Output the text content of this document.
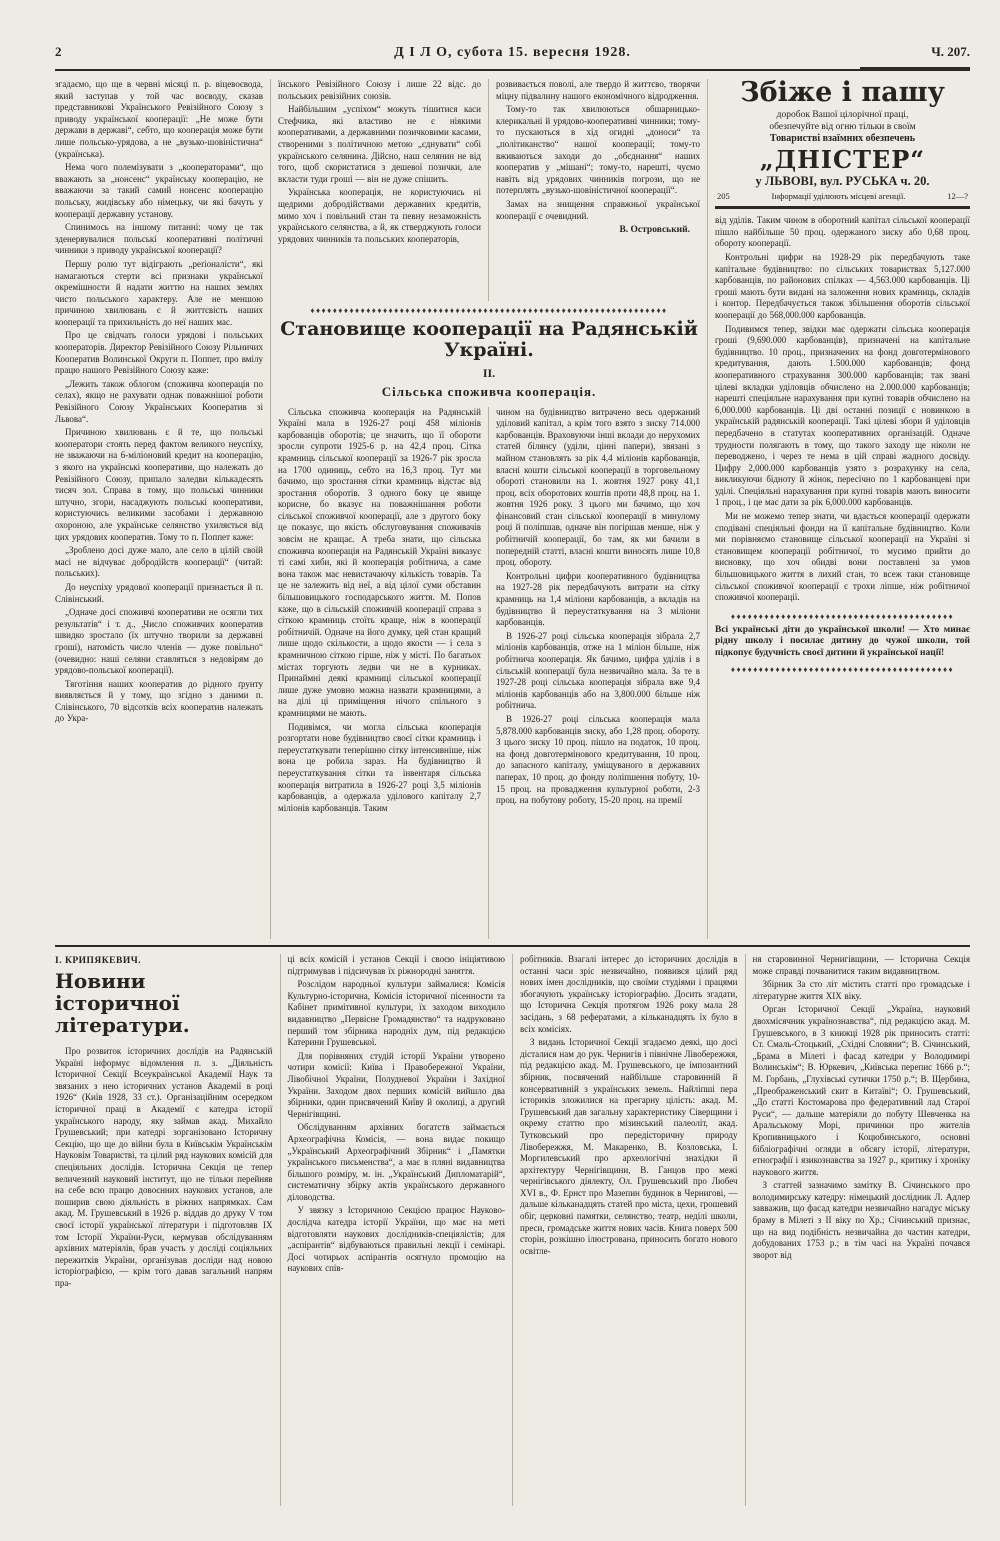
2	Д І Л О, субота 15. вересня 1928.	Ч. 207.

згадаємо, що ще в червні місяці п. р. віцевоєвода, який заступав у той час воєводу, сказав представникові Українського Ревізійного Союзу з приводу української кооперації: „Не може бути держави в державі“, себто, що кооперація може бути лише польсько-урядова, а не „вузько-шовіністична“ (українська).

Нема чого полемізувати з „кооператорами“, що вважають за „нонсенс“ українську кооперацію, не вважаючи за такий самий нонсенс кооперацію польську, жидівську або німецьку, чи які бачуть у кооперації державну установу.

Спинимось на іншому питанні: чому це так зденервувалися польські кооперативні політичні чинники з приводу української кооперації?

Першу ролю тут відіграють „реґіоналісти“, які намагаються стерти всі признаки української окремішности й надати життю на наших землях чисто польського характеру. Але не меншою причиною хвилювань є й життєвість наших кооперації та прихильність до неї наших мас.

Про це свідчать голоси урядові і польських кооператорів. Директор Ревізійного Союзу Рільничих Кооператив Волинської Округи п. Поппет, про вмілу працю нашого Ревізійного Союзу каже:

„Лежить також облогом (споживча кооперація по селах), якщо не рахувати однак поважнішої роботи Ревізійного Союзу Українських Кооператив зі Львова“.

Причиною хвилювань є й те, що польські кооператори стоять перед фактом великого неуспіху, не зважаючи на 6-міліоновий кредит на кооперацію, з якого на українські кооперативи, що належать до Ревізійного Союзу, припало заледви кількадесять тисяч зол. Справа в тому, що польські чинники штучно, згори, насаджують польські кооперативи, користуючись великими засобами і державною охороною, але українське селянство ухиляється від цих урядових кооператив. Тому то п. Поппет каже:

„Зроблено досі дуже мало, але село в цілій своїй масі не відчуває добродійств кооперації“ (читай: польських).

До неуспіху урядової кооперації признається й п. Слівінський.

„Одначе досі споживчі кооперативи не осягли тих результатів“ і т. д., „Число споживчих кооператив швидко зростало (їх штучно творили за державні гроші), натомість число членів — дуже повільно“ (очевидно: наші селяни ставляться з недовірям до урядово-польської кооперації).

Тяготіння наших кооператив до рідного ґрунту виявляється й у тому, що згідно з даними п. Слівінського, 70 відсотків всіх кооператив належать до Укра-

їнського Ревізійного Союзу і лише 22 відс. до польських ревізійних союзів.

Найбільшим „успіхом“ можуть тішитися каси Стефчика, які властиво не є ніякими кооперативами, а державними позичковими касами, створеними з політичною метою „єднувати“ собі українського селянина. Дійсно, наш селянин не від того, щоб скористатися з дешевої позички, але вкласти туди гроші — він не дуже спішить.

Українська кооперація, не користуючись ні щедрими добродійствами державних кредитів, мимо хоч і повільний стан та певну незаможність українського селянства, а й, як стверджують голоси урядових чинників та польських кооператорів,

розвивається поволі, але твердо й життєво, творячи міцну підвалину нашого економічного відродження.

Тому-то так хвилюються обшарницько-клерикальні й урядово-кооперативні чинники; тому-то пускаються в хід огидні „доноси“ та „політиканство“ нашої кооперації; тому-то вживаються заходи до „обєднання“ наших кооператив у „мішані“; тому-то, нарешті, чуємо навіть від урядових чинників погрози, що не потерплять „вузько-шовіністичної кооперації“.

Замах на знищення справжньої української кооперації є очевидний.

В. Островський.
♦♦♦♦♦♦♦♦♦♦♦♦♦♦♦♦♦♦♦♦♦♦♦♦♦♦♦♦♦♦♦♦♦♦♦♦♦♦♦♦♦♦♦♦♦♦♦♦♦♦♦♦♦♦♦♦♦♦♦♦♦♦♦♦
Становище кооперації на Радянській Україні.
II.
Сільська споживча кооперація.

Сільська споживча кооперація на Радянській Україні мала в 1926-27 році 458 міліонів карбованців оборотів; це значить, що її обороти зросли супроти 1925-6 р. на 42,4 проц. Сітка крамниць сільської кооперації за 1926-7 рік зросла на 1700 одиниць, себто на 16,3 проц. Тут ми бачимо, що зростання сітки крамниць відстає від зростання оборотів. З одного боку це явище корисне, бо вказує на поважнішання роботи сільської споживчої кооперації, але з другого боку це показує, що якість обслуговування споживачів зовсім не кращає. А треба знати, що сільська споживча кооперація на Радянській Україні виказує ті самі хиби, які й кооперація робітнича, а саме вона також має невистачаючу кількість товарів. Та це не залежить від неї, а від цілої суми обставин більшовицького господарського життя. М. Попов каже, що в сільській споживчій кооперації справа з сіткою крамниць стоїть краще, ніж в кооперації робітничій. Одначе на його думку, цей стан кращий лише щодо скількости, а щодо якости — і села з крамничною сіткою гірше, ніж у місті. По багатьох містах торгують ледви чи не в курниках. Принаймні деякі крамниці сільської кооперації лише дуже умовно можна назвати крамницями, а на ділі ці приміщення нічого спільного з крамницями не мають.

Подивімся, чи могла сільська кооперація розгортати нове будівництво своєї сітки крамниць і переустаткувати теперішню сітку інтенсивніше, ніж вона це робила зараз. На будівництво й переустаткування сітки та інвентаря сільська кооперація витратила в 1926-27 році 3,5 міліонів карбованців, а одержала уділового капіталу 2,7 міліонів карбованців. Таким

чином на будівництво витрачено весь одержаний уділовий капітал, а крім того взято з зиску 714.000 карбованців. Враховуючи інші вклади до нерухомих статей білянсу (уділи, цінні папери), звязані з майном становлять за рік 4,4 міліонів карбованців, власні кошти сільської кооперації в торговельному обороті становили на 1. жовтня 1927 року 41,1 проц. всіх оборотових коштів проти 48,8 проц. на 1. жовтня 1926 року. З цього ми бачимо, що хоч фінансовий стан сільської кооперації в минулому році й поліпшав, одначе він погіршав менше, ніж у робітничій кооперації, бо там, як ми бачили в попередній статті, власні кошти виносять лише 10,8 проц. обороту.

Контрольні цифри кооперативного будівництва на 1927-28 рік передбачують витрати на сітку крамниць на 1,4 міліони карбованців, а вкладів на будівництво й переустаткування на 3 міліони карбованців.

В 1926-27 році сільська кооперація зібрала 2,7 міліонів карбованців, отже на 1 міліон більше, ніж робітнича кооперація. Як бачимо, цифра уділів і в сільській кооперації була незвичайно мала. За те в 1927-28 році сільська кооперація зібрала вже 9,4 міліонів карбованців або на 3,800.000 більше ніж робітнича.

В 1926-27 році сільська кооперація мала 5,878.000 карбованців зиску, або 1,28 проц. обороту. З цього зиску 10 проц. пішло на податок, 10 проц. на фонд довготермінового кредитування, 10 проц. до запасного капіталу, уміщуваного в державних паперах, 10 проц. до фонду поліпшення побуту, 10-15 проц. на провадження культурної роботи, 2-3 проц. на побутову роботу, 15-20 проц. на премії

Збіже і пашу

доробок Вашої цілорічної праці,

обезпечуйте від огню тільки в своїм

Товаристві взаїмних обезпечень

„ДНІСТЕР“
у ЛЬВОВІ, вул. РУСЬКА ч. 20.
205	Інформації уділюють місцеві агенції.	12—?

від уділів. Таким чином в оборотний капітал сільської кооперації пішло найбільше 50 проц. одержаного зиску або 0,68 проц. обороту кооперації.

Контрольні цифри на 1928-29 рік передбачують таке капітальне будівництво: по сільських товариствах 5,127.000 карбованців, по районових спілках — 4,563.000 карбованців. Ці гроші мають бути видані на заложення нових крамниць, складів і контор. Передбачується також збільшення оборотів сільської кооперації до 568,000.000 карбованців.

Подивимся тепер, звідки має одержати сільська кооперація гроші (9,690.000 карбованців), призначені на капітальне будівництво. 10 проц., призначених на фонд довготермінового кредитування, дають 1.500.000 карбованців; фонд кооперативного страхування 300.000 карбованців; так звані цілеві вкладки уділовців обчислено на 2.000.000 карбованців; нарешті спеціяльне нарахування при купні товарів обчислено на 6,000.000 карбованців. Ці дві останні позиції є новинкою в українській радянській кооперації. Такі цілеві збори й уділовців передбачено в статутах кооперативних організацій. Одначе трудности полягають в тому, що такого заходу ще ніколи не переводжено, і через те нема в цій справі жадного досвіду. Цифру 2,000.000 карбованців узято з розрахунку на села, викликуючи бідноту й жінок, пересічно по 1 карбованцеві при уділі. Спеціяльні нарахування при купні товарів мають виносити 1 проц., і це має дати за рік 6,000.000 карбованців.

Ми не можемо тепер знати, чи вдасться кооперації одержати сподівані спеціяльні фонди на її капітальне будівництво. Коли ми порівняємо становище сільської кооперації на Україні зі становищем кооперації робітничої, то мусимо прийти до висновку, що хоч обидві вони поставлені за умов більшовицького життя в лихий стан, то всеж таки становище сільської споживчої кооперації є трохи ліпше, ніж робітничої споживчої кооперації.

♦♦♦♦♦♦♦♦♦♦♦♦♦♦♦♦♦♦♦♦♦♦♦♦♦♦♦♦♦♦♦♦♦♦♦♦♦♦♦♦

Всі українські діти до української школи! — Хто минає рідну школу і посилає дитину до чужої школи, той підкопує будучність своєї дитини й української нації!

♦♦♦♦♦♦♦♦♦♦♦♦♦♦♦♦♦♦♦♦♦♦♦♦♦♦♦♦♦♦♦♦♦♦♦♦♦♦♦♦
І. КРИПЯКЕВИЧ.
Новини історичної літератури.

Про розвиток історичних дослідів на Радянській Україні інформує відомлення п. з. „Діяльність Історичної Секції Всеукраїнської Академії Наук та звязаних з нею історичних установ Академії в році 1926“ (Київ 1928, 33 ст.). Організаційним осередком історичної праці в Академії є катедра історії українського народу, яку займав акад. Михайло Грушевський; при катедрі зорганізовано Історичну Секцію, що ще до війни була в Київськім Українськім Науковім Товаристві, та цілий ряд наукових комісій для спеціяльних дослідів. Історична Секція це тепер величезний науковий інститут, що не тільки перейняв на себе всю працю довоєнних наукових установ, але поширив свою діяльність в ріжних напрямках. Сам акад. М. Грушевський в 1926 р. віддав до друку V том своєї історії української літератури і підготовляв IX том Історії України-Руси, кермував обслідуванням архівних матеріялів, брав участь у досліді соціяльних пережитків України, організував досліди над новою історіографією, — крім того давав загальний напрям пра-

ці всіх комісій і установ Секції і своєю ініціятивою підтримував і підсичував їх ріжнородні заняття.

Розслідом народньої культури займалися: Комісія Культурно-історична, Комісія історичної пісенности та Кабінет примітивної культури, їх заходом виходило видавництво „Первісне Громадянство“ та надруковано перший том збірника народніх дум, під редакцією Катерини Грушевської.

Для порівняних студій історії України утворено чотири комісії: Київа і Правобережної України, Лівобічної України, Полудневої України і Західної України. Заходом двох перших комісій вийшло два збірники, один присвячений Київу й околиці, а другий Чернігівщині.

Обслідуванням архівних богатств займається Археографічна Комісія, — вона видає покищо „Український Археографічний Збірник“ і „Памятки українського письменства“, а має в пляні видавництва більшого розміру, м. ін. „Український Дипломатарій“, систематичну збірку актів українського державного діловодства.

У звязку з Історичною Секцією працює Науково-дослідча катедра історії України, що має на меті відготовляти наукових дослідників-спеціялістів; для „аспірантів“ відбуваються правильні лекції і семінарі. Досі чотирьох аспірантів осягнуло промоцію на наукових спів-

робітників. Взагалі інтерес до історичних дослідів в останні часи зріс незвичайно, появився цілий ряд нових імен дослідників, що своїми студіями і працями збогачують українську історіографію. Досить згадати, що Історична Секція протягом 1926 року мала 28 засідань, з 68 рефератами, а кільканадцять їх було в всіх комісіях.

З видань Історичної Секції згадаємо деякі, що досі дісталися нам до рук. Чернигів і північне Лівобережжя, під редакцією акад. М. Грушевського, це імпозантний збірник, посвячений найбільше старовинній й консервативній з українських земель. Найліпші пера істориків зложилися на прегарну цілість: акад. М. Грушевський дав загальну характеристику Сіверщини і окрему статтю про мізинський палеоліт, акад. Тутковський про передісторичну природу Лівобережжя, М. Макаренко, В. Козловська, І. Моргилевський про археологічні знахідки й архітектуру Чернігівщини, В. Ганцов про межі чернігівського діялекту, Ол. Грушевський про Любеч XVI в., Ф. Ернст про Мазепин будинок в Чернигові, — дальше кільканадцять статей про міста, цехи, грошевий обіг, церковні памятки, селянство, театр, неділі школи, преси, громадське життя нових часів. Книга поверх 500 сторін, розкішно ілюстрована, приносить богато нового освітле-

ня старовинної Чернигівщини, — Історична Секція може справді почванитися таким видавництвом.

Збірник За сто літ містить статті про громадське і літературне життя XIX віку.

Орган Історичної Секції „Україна, науковий двохмісячник українознавства“, під редакцією акад. М. Грушевського, в 3 книжці 1928 рік приносить статті: Ст. Смаль-Стоцький, „Східні Словяни“; В. Січинський, „Брама в Мілеті і фасад катедри у Володимирі Волинськім“; В. Юркевич, „Київська перепис 1666 р.“; М. Горбань, „Глухівські сутички 1750 р.“; В. Щербина, „Преображенський скит в Китаїві“; О. Грушевський, „До статті Костомарова про федеративний лад Старої Руси“, — дальше матеріяли до побуту Шевченка на Аральському Морі, причинки про жителів Кропивницького і Коцюбинського, основні бібліографічні огляди в обсягу історії, літератури, етнографії і язикознавства за 1927 р., критику і хроніку наукового життя.

З статтей зазначимо замітку В. Січинського про володимирську катедру: німецький дослідник Л. Адлер завважив, що фасад катедри незвичайно нагадує міську браму в Мілеті з II віку по Хр.; Січинський признає, що на вид подібність незвичайна до частин катедри, добудованих 1753 р.; в тім часі на Україні почався зворот від
